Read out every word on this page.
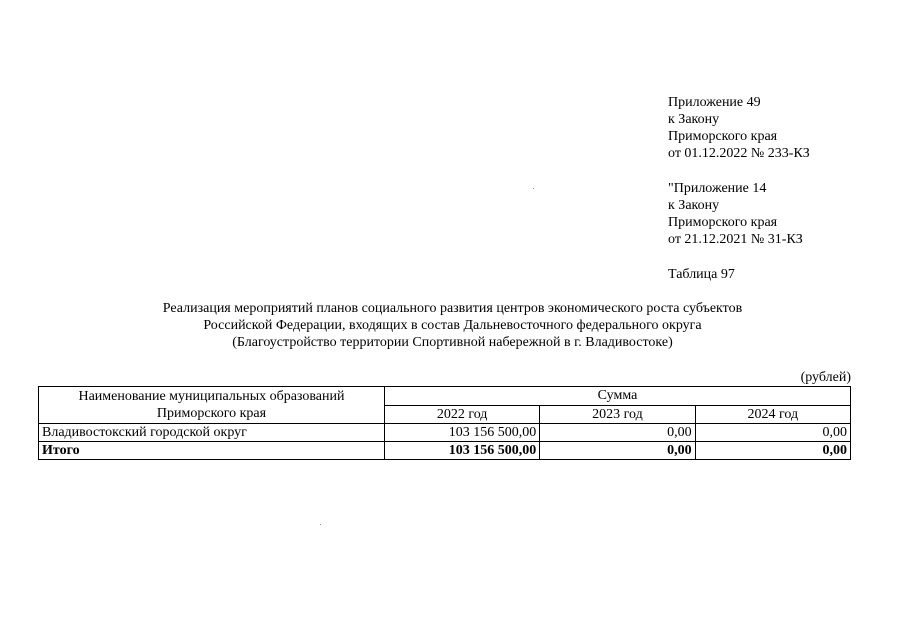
Приложение 49
к Закону
Приморского края
от 01.12.2022 № 233-КЗ
"Приложение 14
к Закону
Приморского края
от 21.12.2021 № 31-КЗ
Таблица 97
Реализация мероприятий планов социального развития центров экономического роста субъектов
Российской Федерации, входящих в состав Дальневосточного федерального округа
(Благоустройство территории Спортивной набережной в г. Владивостоке)
(рублей)
Наименование муниципальных образований
Приморского края	Сумма		
	2022 год	2023 год	2024 год
Владивостокский городской округ	103 156 500,00	0,00	0,00
Итого	103 156 500,00	0,00	0,00
